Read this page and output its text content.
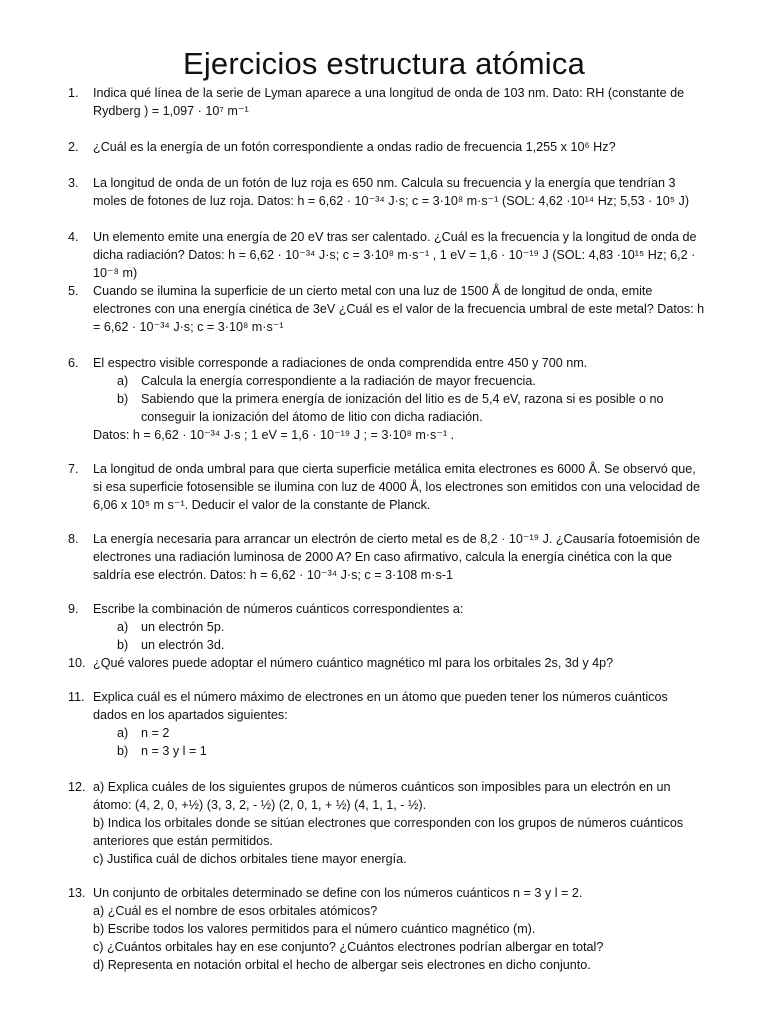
Ejercicios estructura atómica
1. Indica qué línea de la serie de Lyman aparece a una longitud de onda de 103 nm. Dato: RH (constante de
Rydberg ) = 1,097 · 10⁷ m⁻¹
2. ¿Cuál es la energía de un fotón correspondiente a ondas radio de frecuencia 1,255 x 10⁶ Hz?
3. La longitud de onda de un fotón de luz roja es 650 nm. Calcula su frecuencia y la energía que tendrían 3
moles de fotones de luz roja. Datos: h = 6,62 · 10⁻³⁴ J·s; c = 3·10⁸ m·s⁻¹ (SOL: 4,62 ·10¹⁴ Hz; 5,53 · 10⁵ J)
4. Un elemento emite una energía de 20 eV tras ser calentado. ¿Cuál es la frecuencia y la longitud de onda de
dicha radiación? Datos: h = 6,62 · 10⁻³⁴ J·s; c = 3·10⁸ m·s⁻¹ , 1 eV = 1,6 · 10⁻¹⁹ J (SOL: 4,83 ·10¹⁵ Hz; 6,2 · 10⁻⁸ m)
5. Cuando se ilumina la superficie de un cierto metal con una luz de 1500 Å de longitud de onda, emite
electrones con una energía cinética de 3eV ¿Cuál es el valor de la frecuencia umbral de este metal? Datos: h
= 6,62 · 10⁻³⁴ J·s; c = 3·10⁸ m·s⁻¹
6. El espectro visible corresponde a radiaciones de onda comprendida entre 450 y 700 nm.
a) Calcula la energía correspondiente a la radiación de mayor frecuencia.
b) Sabiendo que la primera energía de ionización del litio es de 5,4 eV, razona si es posible o no
conseguir la ionización del átomo de litio con dicha radiación.
Datos: h = 6,62 · 10⁻³⁴ J·s ; 1 eV = 1,6 · 10⁻¹⁹ J ; = 3·10⁸ m·s⁻¹ .
7. La longitud de onda umbral para que cierta superficie metálica emita electrones es 6000 Å. Se observó que,
si esa superficie fotosensible se ilumina con luz de 4000 Å, los electrones son emitidos con una velocidad de
6,06 x 10⁵ m s⁻¹. Deducir el valor de la constante de Planck.
8. La energía necesaria para arrancar un electrón de cierto metal es de 8,2 · 10⁻¹⁹ J. ¿Causaría fotoemisión de
electrones una radiación luminosa de 2000 A? En caso afirmativo, calcula la energía cinética con la que
saldría ese electrón. Datos: h = 6,62 · 10⁻³⁴ J·s; c = 3·108 m·s-1
9. Escribe la combinación de números cuánticos correspondientes a:
a) un electrón 5p.
b) un electrón 3d.
10. ¿Qué valores puede adoptar el número cuántico magnético ml para los orbitales 2s, 3d y 4p?
11. Explica cuál es el número máximo de electrones en un átomo que pueden tener los números cuánticos
dados en los apartados siguientes:
a) n = 2
b) n = 3 y l = 1
12. a) Explica cuáles de los siguientes grupos de números cuánticos son imposibles para un electrón en un
átomo: (4, 2, 0, +½) (3, 3, 2, - ½) (2, 0, 1, + ½) (4, 1, 1, - ½).
b) Indica los orbitales donde se sitúan electrones que corresponden con los grupos de números cuánticos
anteriores que están permitidos.
c) Justifica cuál de dichos orbitales tiene mayor energía.
13. Un conjunto de orbitales determinado se define con los números cuánticos n = 3 y l = 2.
a) ¿Cuál es el nombre de esos orbitales atómicos?
b) Escribe todos los valores permitidos para el número cuántico magnético (m).
c) ¿Cuántos orbitales hay en ese conjunto? ¿Cuántos electrones podrían albergar en total?
d) Representa en notación orbital el hecho de albergar seis electrones en dicho conjunto.
